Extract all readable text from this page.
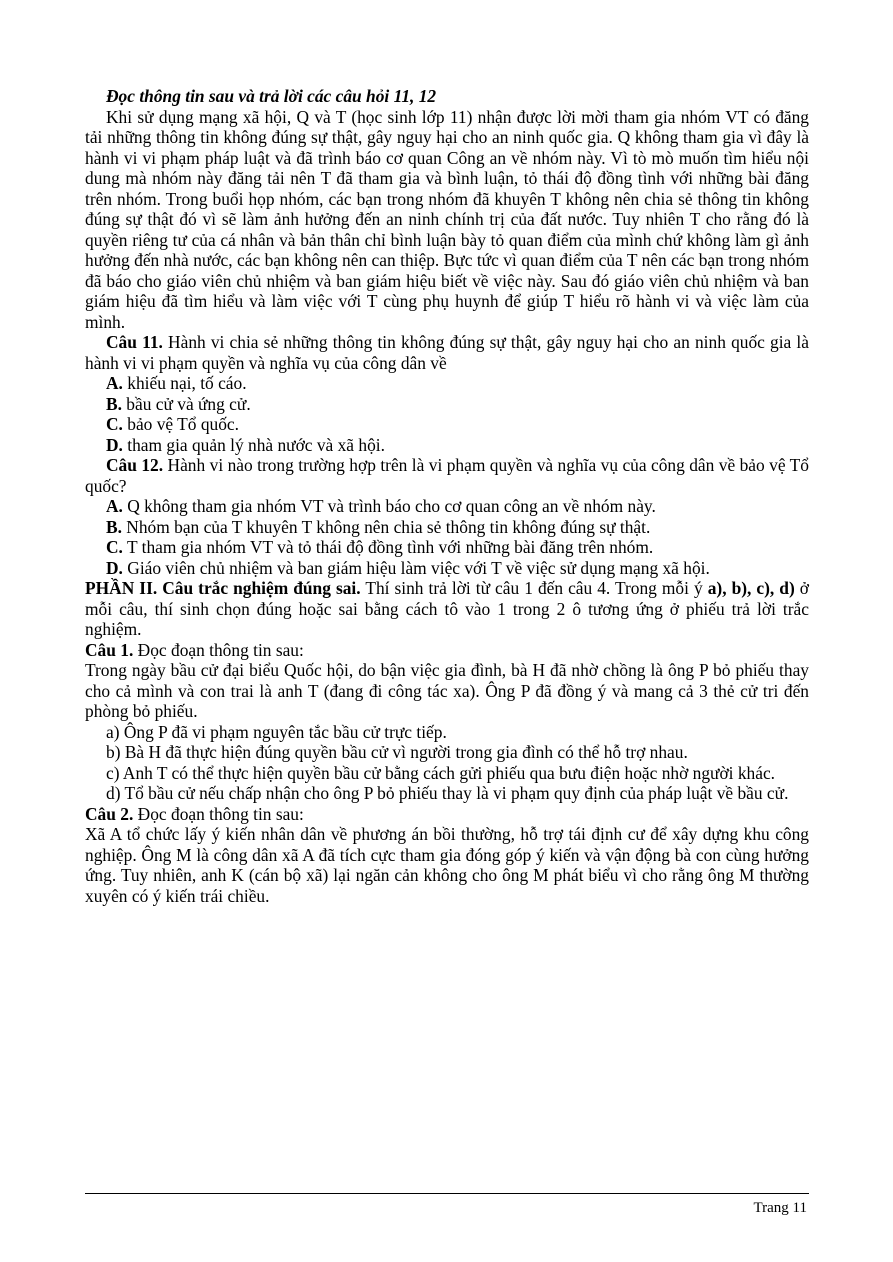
Đọc thông tin sau và trả lời các câu hỏi 11, 12

Khi sử dụng mạng xã hội, Q và T (học sinh lớp 11) nhận được lời mời tham gia nhóm VT có đăng tải những thông tin không đúng sự thật, gây nguy hại cho an ninh quốc gia. Q không tham gia vì đây là hành vi vi phạm pháp luật và đã trình báo cơ quan Công an về nhóm này. Vì tò mò muốn tìm hiểu nội dung mà nhóm này đăng tải nên T đã tham gia và bình luận, tỏ thái độ đồng tình với những bài đăng trên nhóm. Trong buổi họp nhóm, các bạn trong nhóm đã khuyên T không nên chia sẻ thông tin không đúng sự thật đó vì sẽ làm ảnh hưởng đến an ninh chính trị của đất nước. Tuy nhiên T cho rằng đó là quyền riêng tư của cá nhân và bản thân chỉ bình luận bày tỏ quan điểm của mình chứ không làm gì ảnh hưởng đến nhà nước, các bạn không nên can thiệp. Bực tức vì quan điểm của T nên các bạn trong nhóm đã báo cho giáo viên chủ nhiệm và ban giám hiệu biết về việc này. Sau đó giáo viên chủ nhiệm và ban giám hiệu đã tìm hiểu và làm việc với T cùng phụ huynh để giúp T hiểu rõ hành vi và việc làm của mình.

Câu 11. Hành vi chia sẻ những thông tin không đúng sự thật, gây nguy hại cho an ninh quốc gia là hành vi vi phạm quyền và nghĩa vụ của công dân về

A. khiếu nại, tố cáo.

B. bầu cử và ứng cử.

C. bảo vệ Tổ quốc.

D. tham gia quản lý nhà nước và xã hội.

Câu 12. Hành vi nào trong trường hợp trên là vi phạm quyền và nghĩa vụ của công dân về bảo vệ Tổ quốc?

A. Q không tham gia nhóm VT và trình báo cho cơ quan công an về nhóm này.

B. Nhóm bạn của T khuyên T không nên chia sẻ thông tin không đúng sự thật.

C. T tham gia nhóm VT và tỏ thái độ đồng tình với những bài đăng trên nhóm.

D. Giáo viên chủ nhiệm và ban giám hiệu làm việc với T về việc sử dụng mạng xã hội.

PHẦN II. Câu trắc nghiệm đúng sai. Thí sinh trả lời từ câu 1 đến câu 4. Trong mỗi ý a), b), c), d) ở mỗi câu, thí sinh chọn đúng hoặc sai bằng cách tô vào 1 trong 2 ô tương ứng ở phiếu trả lời trắc nghiệm.

Câu 1. Đọc đoạn thông tin sau:

Trong ngày bầu cử đại biểu Quốc hội, do bận việc gia đình, bà H đã nhờ chồng là ông P bỏ phiếu thay cho cả mình và con trai là anh T (đang đi công tác xa). Ông P đã đồng ý và mang cả 3 thẻ cử tri đến phòng bỏ phiếu.

a) Ông P đã vi phạm nguyên tắc bầu cử trực tiếp.

b) Bà H đã thực hiện đúng quyền bầu cử vì người trong gia đình có thể hỗ trợ nhau.

c) Anh T có thể thực hiện quyền bầu cử bằng cách gửi phiếu qua bưu điện hoặc nhờ người khác.

d) Tổ bầu cử nếu chấp nhận cho ông P bỏ phiếu thay là vi phạm quy định của pháp luật về bầu cử.

Câu 2. Đọc đoạn thông tin sau:

Xã A tổ chức lấy ý kiến nhân dân về phương án bồi thường, hỗ trợ tái định cư để xây dựng khu công nghiệp. Ông M là công dân xã A đã tích cực tham gia đóng góp ý kiến và vận động bà con cùng hưởng ứng. Tuy nhiên, anh K (cán bộ xã) lại ngăn cản không cho ông M phát biểu vì cho rằng ông M thường xuyên có ý kiến trái chiều.

Trang 11
